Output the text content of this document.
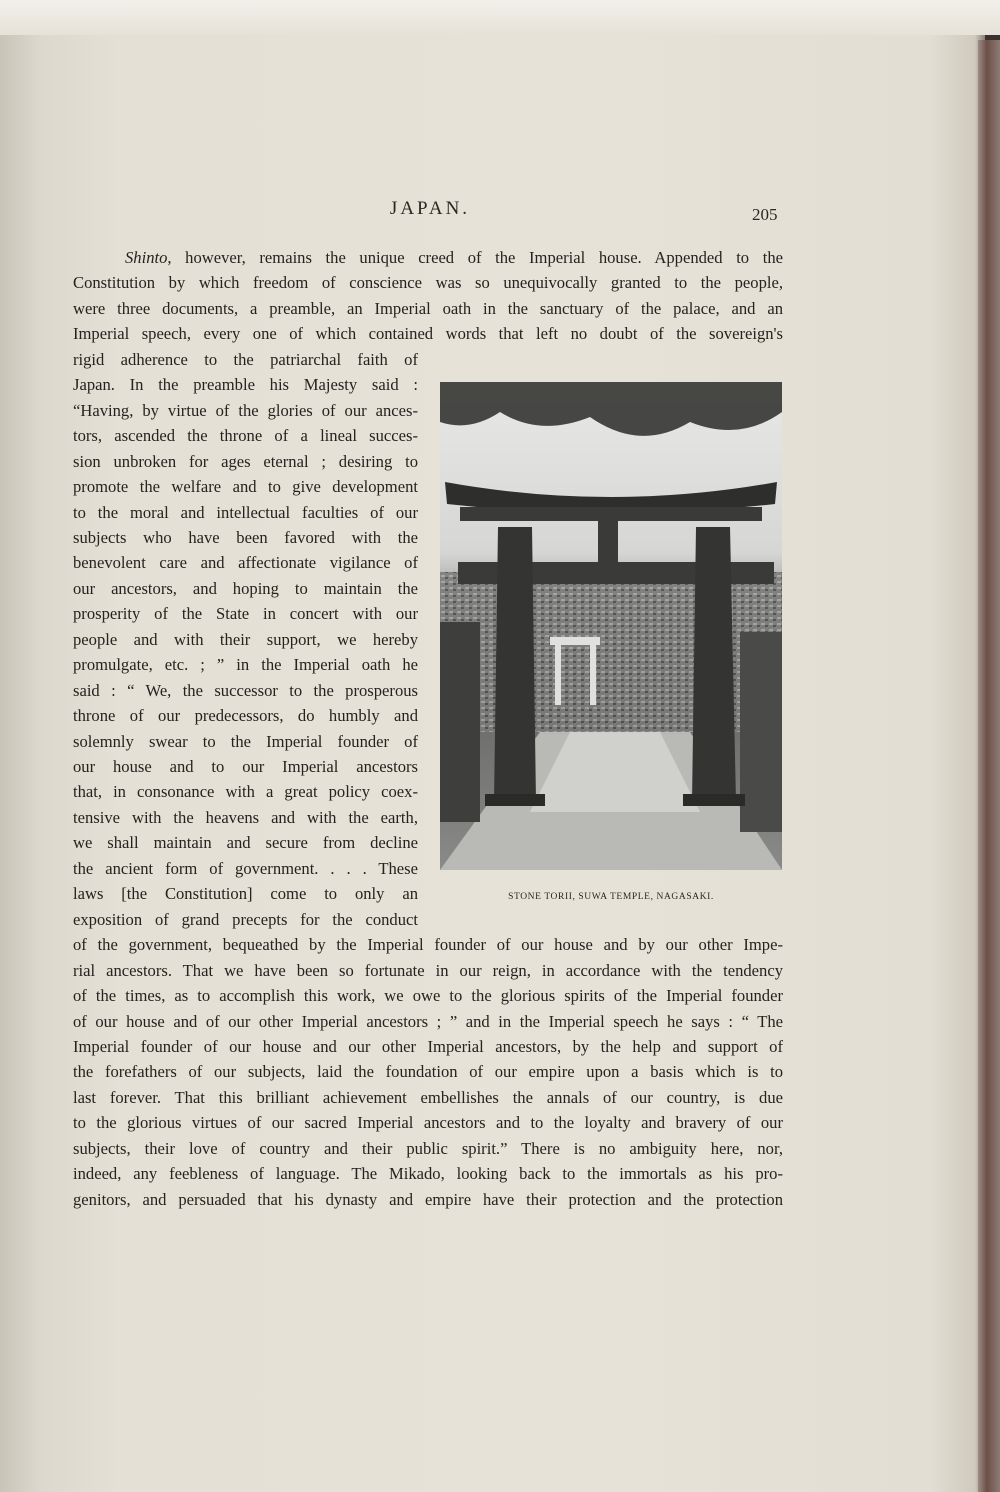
JAPAN.	205
Shinto, however, remains the unique creed of the Imperial house. Appended to the
Constitution by which freedom of conscience was so unequivocally granted to the people,
were three documents, a preamble, an Imperial oath in the sanctuary of the palace, and an
Imperial speech, every one of which contained words that left no doubt of the sovereign's
rigid adherence to the patriarchal faith of
Japan. In the preamble his Majesty said :
“Having, by virtue of the glories of our ances-
tors, ascended the throne of a lineal succes-
sion unbroken for ages eternal ; desiring to
promote the welfare and to give development
to the moral and intellectual faculties of our
subjects who have been favored with the
benevolent care and affectionate vigilance of
our ancestors, and hoping to maintain the
prosperity of the State in concert with our
people and with their support, we hereby
promulgate, etc. ; ” in the Imperial oath he
said : “ We, the successor to the prosperous
throne of our predecessors, do humbly and
solemnly swear to the Imperial founder of
our house and to our Imperial ancestors
that, in consonance with a great policy coex-
tensive with the heavens and with the earth,
we shall maintain and secure from decline
the ancient form of government. . . . These
laws [the Constitution] come to only an
exposition of grand precepts for the conduct
of the government, bequeathed by the Imperial founder of our house and by our other Impe-
rial ancestors. That we have been so fortunate in our reign, in accordance with the tendency
of the times, as to accomplish this work, we owe to the glorious spirits of the Imperial founder
of our house and of our other Imperial ancestors ; ” and in the Imperial speech he says : “ The
Imperial founder of our house and our other Imperial ancestors, by the help and support of
the forefathers of our subjects, laid the foundation of our empire upon a basis which is to
last forever. That this brilliant achievement embellishes the annals of our country, is due
to the glorious virtues of our sacred Imperial ancestors and to the loyalty and bravery of our
subjects, their love of country and their public spirit.” There is no ambiguity here, nor,
indeed, any feebleness of language. The Mikado, looking back to the immortals as his pro-
genitors, and persuaded that his dynasty and empire have their protection and the protection
STONE TORII, SUWA TEMPLE, NAGASAKI.
